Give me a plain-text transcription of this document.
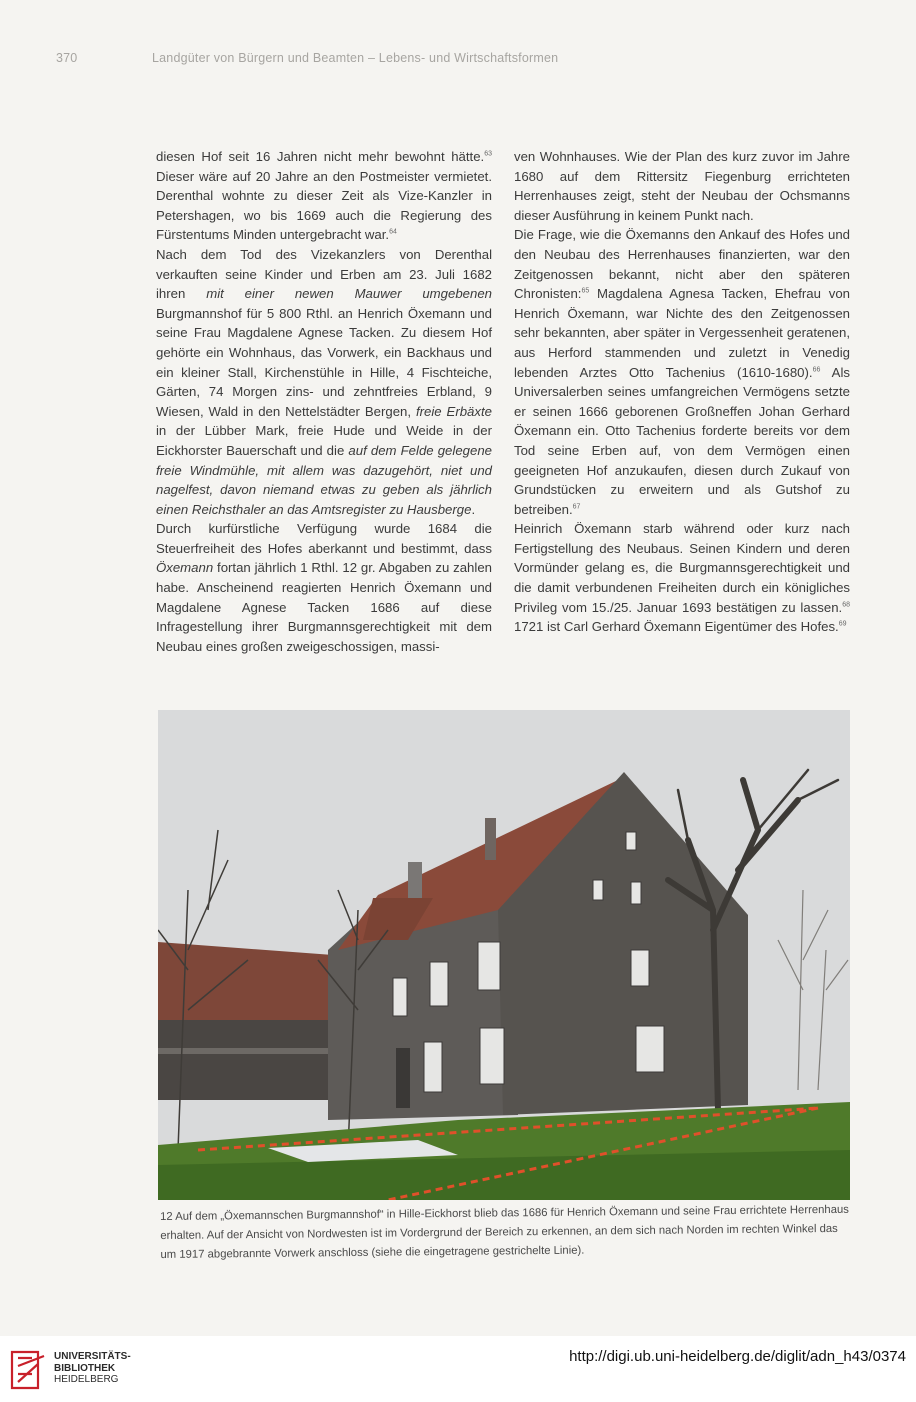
370	Landgüter von Bürgern und Beamten – Lebens- und Wirtschaftsformen

diesen Hof seit 16 Jahren nicht mehr bewohnt hätte.$^{63}$ Dieser wäre auf 20 Jahre an den Postmeister vermietet. Derenthal wohnte zu dieser Zeit als Vize-Kanzler in Petershagen, wo bis 1669 auch die Regierung des Fürstentums Minden untergebracht war.$^{64}$

Nach dem Tod des Vizekanzlers von Derenthal verkauften seine Kinder und Erben am 23. Juli 1682 ihren mit einer newen Mauwer umgebenen Burgmannshof für 5 800 Rthl. an Henrich Öxemann und seine Frau Magdalene Agnese Tacken. Zu diesem Hof gehörte ein Wohnhaus, das Vorwerk, ein Backhaus und ein kleiner Stall, Kirchenstühle in Hille, 4 Fischteiche, Gärten, 74 Morgen zins- und zehntfreies Erbland, 9 Wiesen, Wald in den Nettelstädter Bergen, freie Erbäxte in der Lübber Mark, freie Hude und Weide in der Eickhorster Bauerschaft und die auf dem Felde gelegene freie Windmühle, mit allem was dazugehört, niet und nagelfest, davon niemand etwas zu geben als jährlich einen Reichsthaler an das Amtsregister zu Hausberge.

Durch kurfürstliche Verfügung wurde 1684 die Steuerfreiheit des Hofes aberkannt und bestimmt, dass Öxemann fortan jährlich 1 Rthl. 12 gr. Abgaben zu zahlen habe. Anscheinend reagierten Henrich Öxemann und Magdalene Agnese Tacken 1686 auf diese Infragestellung ihrer Burgmannsgerechtigkeit mit dem Neubau eines großen zweigeschossigen, massi-

ven Wohnhauses. Wie der Plan des kurz zuvor im Jahre 1680 auf dem Rittersitz Fiegenburg errichteten Herrenhauses zeigt, steht der Neubau der Ochsmanns dieser Ausführung in keinem Punkt nach.

Die Frage, wie die Öxemanns den Ankauf des Hofes und den Neubau des Herrenhauses finanzierten, war den Zeitgenossen bekannt, nicht aber den späteren Chronisten:$^{65}$ Magdalena Agnesa Tacken, Ehefrau von Henrich Öxemann, war Nichte des den Zeitgenossen sehr bekannten, aber später in Vergessenheit geratenen, aus Herford stammenden und zuletzt in Venedig lebenden Arztes Otto Tachenius (1610-1680).$^{66}$ Als Universalerben seines umfangreichen Vermögens setzte er seinen 1666 geborenen Großneffen Johan Gerhard Öxemann ein. Otto Tachenius forderte bereits vor dem Tod seine Erben auf, von dem Vermögen einen geeigneten Hof anzukaufen, diesen durch Zukauf von Grundstücken zu erweitern und als Gutshof zu betreiben.$^{67}$

Heinrich Öxemann starb während oder kurz nach Fertigstellung des Neubaus. Seinen Kindern und deren Vormünder gelang es, die Burgmannsgerechtigkeit und die damit verbundenen Freiheiten durch ein königliches Privileg vom 15./25. Januar 1693 bestätigen zu lassen.$^{68}$ 1721 ist Carl Gerhard Öxemann Eigentümer des Hofes.$^{69}$

12 Auf dem „Öxemannschen Burgmannshof“ in Hille-Eickhorst blieb das 1686 für Henrich Öxemann und seine Frau errichtete Herrenhaus erhalten. Auf der Ansicht von Nordwesten ist im Vordergrund der Bereich zu erkennen, an dem sich nach Norden im rechten Winkel das um 1917 abgebrannte Vorwerk anschloss (siehe die eingetragene gestrichelte Linie).
UNIVERSITÄTS-
BIBLIOTHEK
HEIDELBERG
http://digi.ub.uni-heidelberg.de/diglit/adn_h43/0374
